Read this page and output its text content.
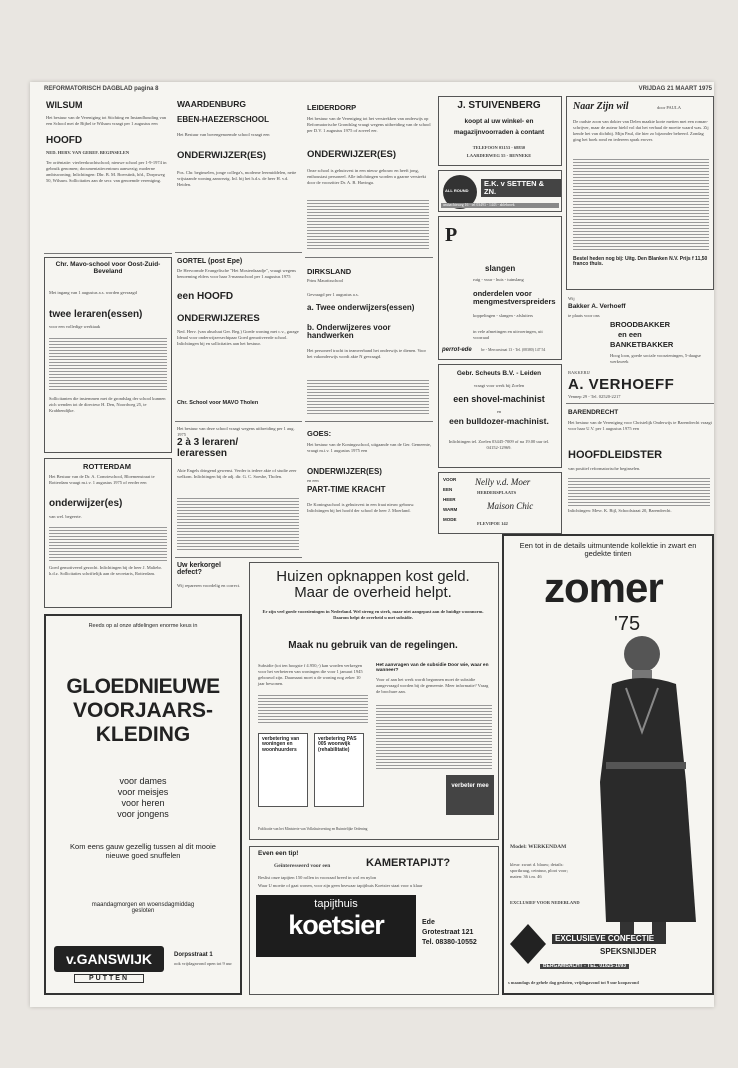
REFORMATORISCH DAGBLAD pagina 8	VRIJDAG 21 MAART 1975
WILSUM
Het bestuur van de Vereniging tot Stichting en Instandhouding van een School met de Bijbel te Wilsum vraagt per 1 augustus een
HOOFD
NED. HERV. VAN GEREF. BEGINSELEN
Ter oriëntatie: vierleerkrachtschool; nieuwe school per 1-9-1974 in gebruik genomen; documentatiecentrum aanwezig; moderne ambtswoning; Inlichtingen: Dhr. B. M. Boerstink, hfd., Dorpsweg 50, Wilsum. Sollicitaties aan de secr. van genoemde vereniging.
Chr. Mavo-school voor Oost-Zuid-Beveland
Met ingang van 1 augustus a.s. worden gevraagd
twee leraren(essen)
voor een volledige werktaak
Sollicitanten die instemmen met de grondslag der school kunnen zich wenden tot de directeur H. Den, Noordweg 25, te Krabbendijke.
ROTTERDAM
Het Bestuur van de Dr. A. Comrieschool, Bloemenstraat te Rotterdam vraagt m.i.v. 1 augustus 1975 of eerder een
onderwijzer(es)
van wel. begeerte.
Goed gemotiveerd gezocht. Inlichtingen bij de heer J. Maliebr. h.d.z. Sollicitaties schriftelijk aan de secretaris, Rotterdam.
Reeds op al onze afdelingen enorme keus in
GLOEDNIEUWE
VOORJAARS-
KLEDING
voor dames
voor meisjes
voor heren
voor jongens
Kom eens gauw gezellig tussen al dit mooie nieuwe goed snuffelen
maandagmorgen en woensdagmiddag gesloten
v.GANSWIJK
PUTTEN
Dorpsstraat 1
ook vrijdagavond open tot 9 uur
WAARDENBURG
EBEN-HAEZERSCHOOL
Het Bestuur van bovengenoemde school vraagt een
ONDERWIJZER(ES)
Pos. Chr. beginselen, jonge collega's, moderne leermiddelen, nette vrijstaande woning aanwezig. Inl. bij het h.d.s. de heer H. v.d. Heiden.
GORTEL (post Epe)
De Hervormde Evangelische "Het Mosterdzaadje", vraagt wegens benoeming elders voor haar 3-mansschool per 1 augustus 1975
een HOOFD
ONDERWIJZERES
Ned. Herv. (van absoluut Ger. Beg.) Goede woning met c.v., garage Ideaal voor onderwijzersechtpaar Goed gemotiveerde school. Inlichtingen bij en sollicitaties aan het bestuur.
Chr. School voor MAVO Tholen
Het bestuur van deze school vraagt wegens uitbreiding per 1 aug. 1975
2 à 3 leraren/ leraressen
Akte Engels dringend gewenst. Verder is iedere akte of studie zeer welkom. Inlichtingen bij de adj. dir. G. C. Soesbe, Tholen.
Uw kerkorgel defect?
Wij repareren voordelig en correct.
LEIDERDORP
Het bestuur van de Vereniging tot het verstrekken van onderwijs op Reformatorische Grondslag vraagt wegens uitbreiding van de school per D.V. 1 augustus 1975 of zoveel eer.
ONDERWIJZER(ES)
Onze school is gehuisvest in een nieuw gebouw en heeft jong, enthousiast personeel. Alle inlichtingen worden u gaarne verstrekt door de voorzitter Dr. A. B. Havinga.
DIRKSLAND
Prins Mauritsschool
Gevraagd per 1 augustus a.s.
a. Twee onderwijzers(essen)
b. Onderwijzeres voor handwerken
Het personeel tracht in teamverband het onderwijs te dienen. Voor het vakonderwijs wordt akte N gevraagd.
GOES:
Het bestuur van de Koningsschool, uitgaande van de Ger. Gemeente, vraagt m.i.v. 1 augustus 1975 een
ONDERWIJZER(ES)
en een
PART-TIME KRACHT
De Koningsschool is gehuisvest in een fraai nieuw gebouw. Inlichtingen bij het hoofd der school de heer J. Moerland.
J. STUIVENBERG
koopt al uw winkel- en
magazijnvoorraden à contant
TELEFOON 03153 - 68830
LAARDERWEG 55 - BENNEKE
ALL ROUND
E.K. v SETTEN & ZN.
ambachtsweg 16 - tel 03493 - 1443 - ablebroek
P
slangen
ruig - vuur - huis - tuinslang
onderdelen voor mengmestverspreiders
koppelingen - slangen - afsluiters
in vele afmetingen en uitvoeringen, uit voorraad
perrot-ede bv - Mercurstraat 13 - Tel. (08380) 147 54
Gebr. Scheuts B.V. - Leiden
vraagt voor werk bij Zoelen
een shovel-machinist
en
een bulldozer-machinist.
Inlichtingen tel. Zoelen 03445-7009 of na 19.00 uur tel. 04152-12969.
VOOR
EEN
HEER
WARM
MODE
Nelly v.d. Moer
HERDERSPLAATS
Maison Chic
FLEVIPOE 142
Naar Zijn wil	door PAULA
De oudste zoon van dokter van Delen maakte korte metten met een roman-schrijver, maar de auteur hield vol dat het verhaal de moeite waard was. Zij kende het van dichtbij. Mijn Paul, die hier zo bijzonder beheerd. Zondag ging het boek rond en iedereen sprak erover.
Bestel heden nog bij: Uitg. Den Blanken N.V. Prijs f 11,50 franco thuis.
Wij
Bakker A. Verhoeff
te plaats voor ons
BROODBAKKER
en een
BANKETBAKKER
Hoog loon, goede sociale voorzieningen, 5-daagse werkweek
BAKKERIJ
A. VERHOEFF
Vennep 29 - Tel. 02520-2217
BARENDRECHT
Het bestuur van de Vereniging voor Christelijk Onderwijs te Barendrecht vraagt voor haar U.V. per 1 augustus 1975 een
HOOFDLEIDSTER
van positief reformatorische beginselen.
Inlichtingen: Mevr. K. Bijl, Schoolstraat 20, Barendrecht.
Huizen opknappen kost geld. Maar de overheid helpt.
Er zijn veel goede voorzieningen in Nederland. Wel streng en sterk, maar niet aangepast aan de huidige woonnorm. Daarom helpt de overheid u met subsidie.
Maak nu gebruik van de regelingen.
Subsidie (tot ten hoogste f 4.950,-) kan worden verkregen voor het verbeteren van woningen die voor 1 januari 1945 gebouwd zijn. Daarnaast moet u de woning nog zeker 10 jaar bewonen.
Het aanvragen van de subsidie Door wie, waar en wanneer?
Voor of aan het werk wordt begonnen moet de subsidie aangevraagd worden bij de gemeente. Meer informatie? Vraag de brochure aan.
verbetering van woningen en woonhuurders
verbetering PAS 005 woonwijk (rehabilitatie)
verbeter mee
Publicatie van het Ministerie van Volkshuisvesting en Ruimtelijke Ordening
Even een tip!
Geïnteresseerd voor een	KAMERTAPIJT?
Beslist onze tapijten 150 rollen in voorraad breed in wol en nylon
Waar U moeite of gaat wonen, voor zijn geen bezwaar tapijthuis Koetsier staat voor u klaar
tapijthuis
koetsier	Ede
Grotestraat 121
Tel. 08380-10552
Een tot in de details uitmuntende kollektie in zwart en gedekte tinten
zomer
'75
Model: WERKENDAM
kleur: zwart d. blauw; details: sportkraag, ceintuur, plooi voor; maten: 36 t.m. 46
EXCLUSIEF VOOR NEDERLAND
EXCLUSIEVE CONFECTIE
SPEKSNIJDER
BERGAMBACHT - TEL. 01825-1093
s maandags de gehele dag gesloten, vrijdagavond tot 9 uur koopavond
